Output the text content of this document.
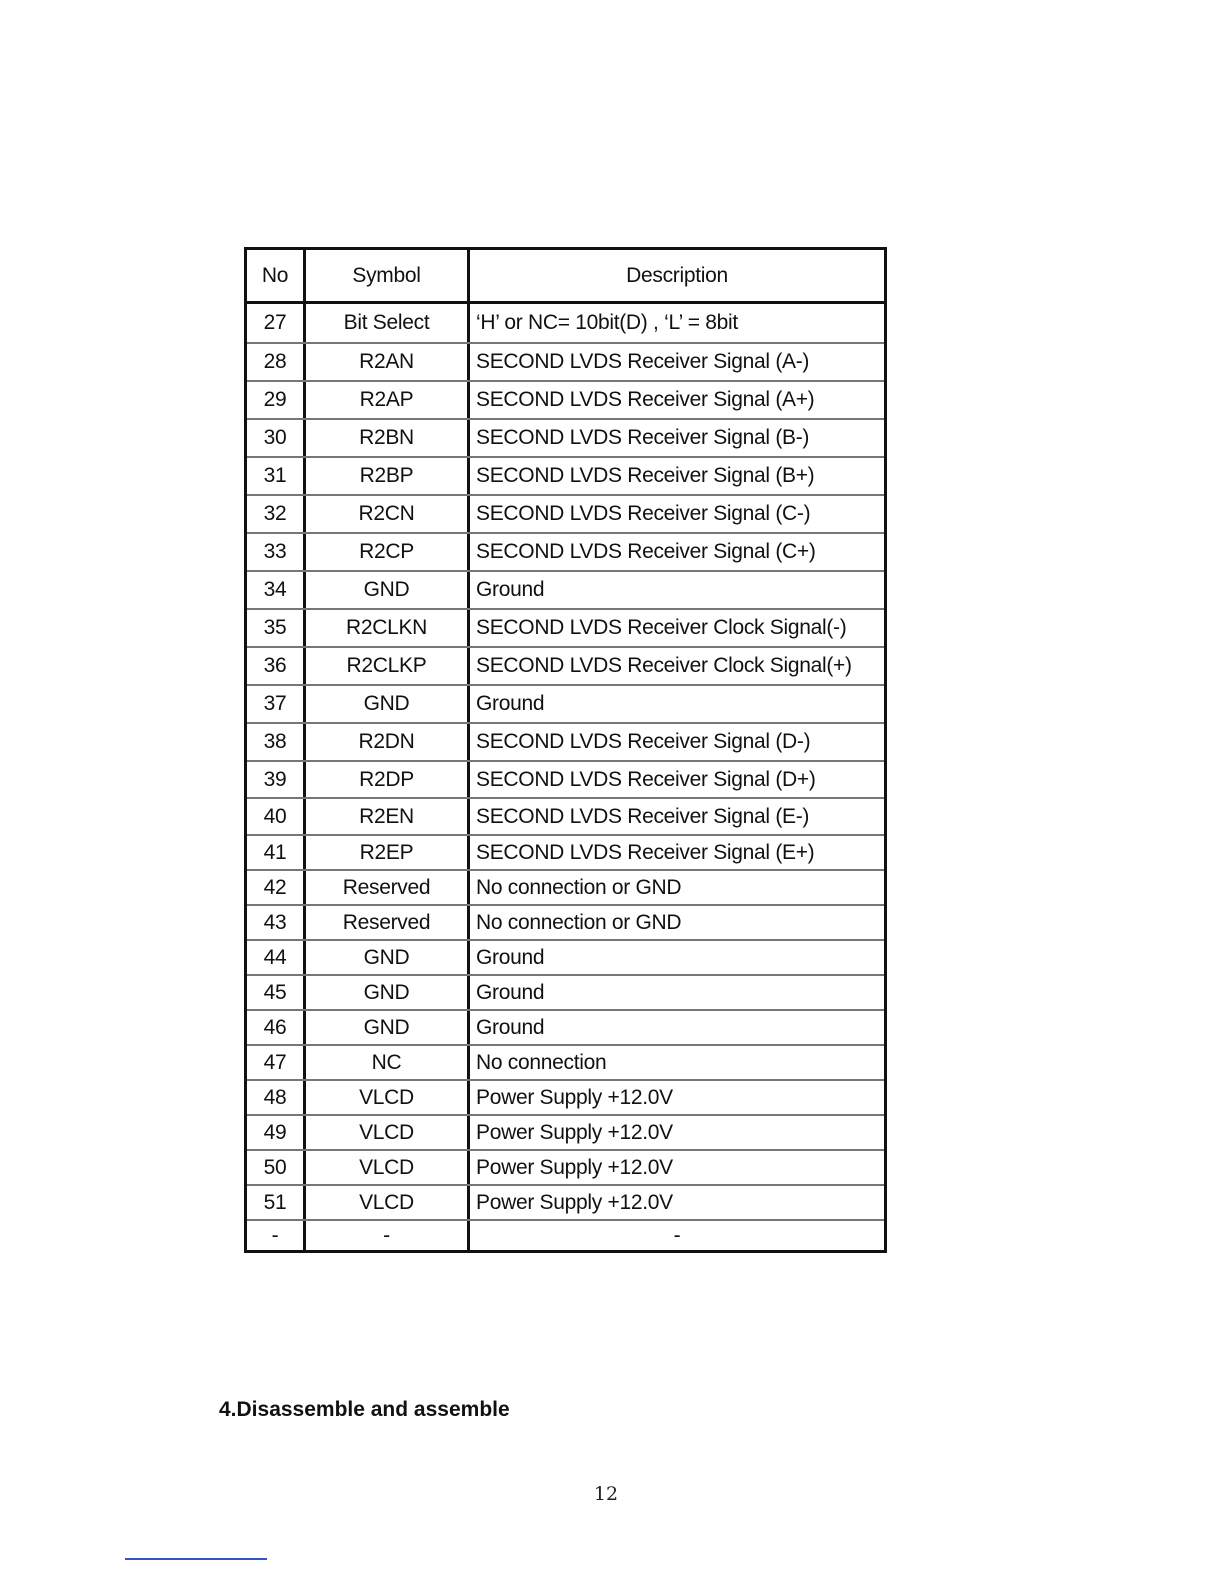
No	Symbol	Description
27	Bit Select	‘H’ or NC= 10bit(D) , ‘L’ = 8bit
28	R2AN	SECOND LVDS Receiver Signal (A-)
29	R2AP	SECOND LVDS Receiver Signal (A+)
30	R2BN	SECOND LVDS Receiver Signal (B-)
31	R2BP	SECOND LVDS Receiver Signal (B+)
32	R2CN	SECOND LVDS Receiver Signal (C-)
33	R2CP	SECOND LVDS Receiver Signal (C+)
34	GND	Ground
35	R2CLKN	SECOND LVDS Receiver Clock Signal(-)
36	R2CLKP	SECOND LVDS Receiver Clock Signal(+)
37	GND	Ground
38	R2DN	SECOND LVDS Receiver Signal (D-)
39	R2DP	SECOND LVDS Receiver Signal (D+)
40	R2EN	SECOND LVDS Receiver Signal (E-)
41	R2EP	SECOND LVDS Receiver Signal (E+)
42	Reserved	No connection or GND
43	Reserved	No connection or GND
44	GND	Ground
45	GND	Ground
46	GND	Ground
47	NC	No connection
48	VLCD	Power Supply +12.0V
49	VLCD	Power Supply +12.0V
50	VLCD	Power Supply +12.0V
51	VLCD	Power Supply +12.0V
-	-	-
4.Disassemble and assemble
12
